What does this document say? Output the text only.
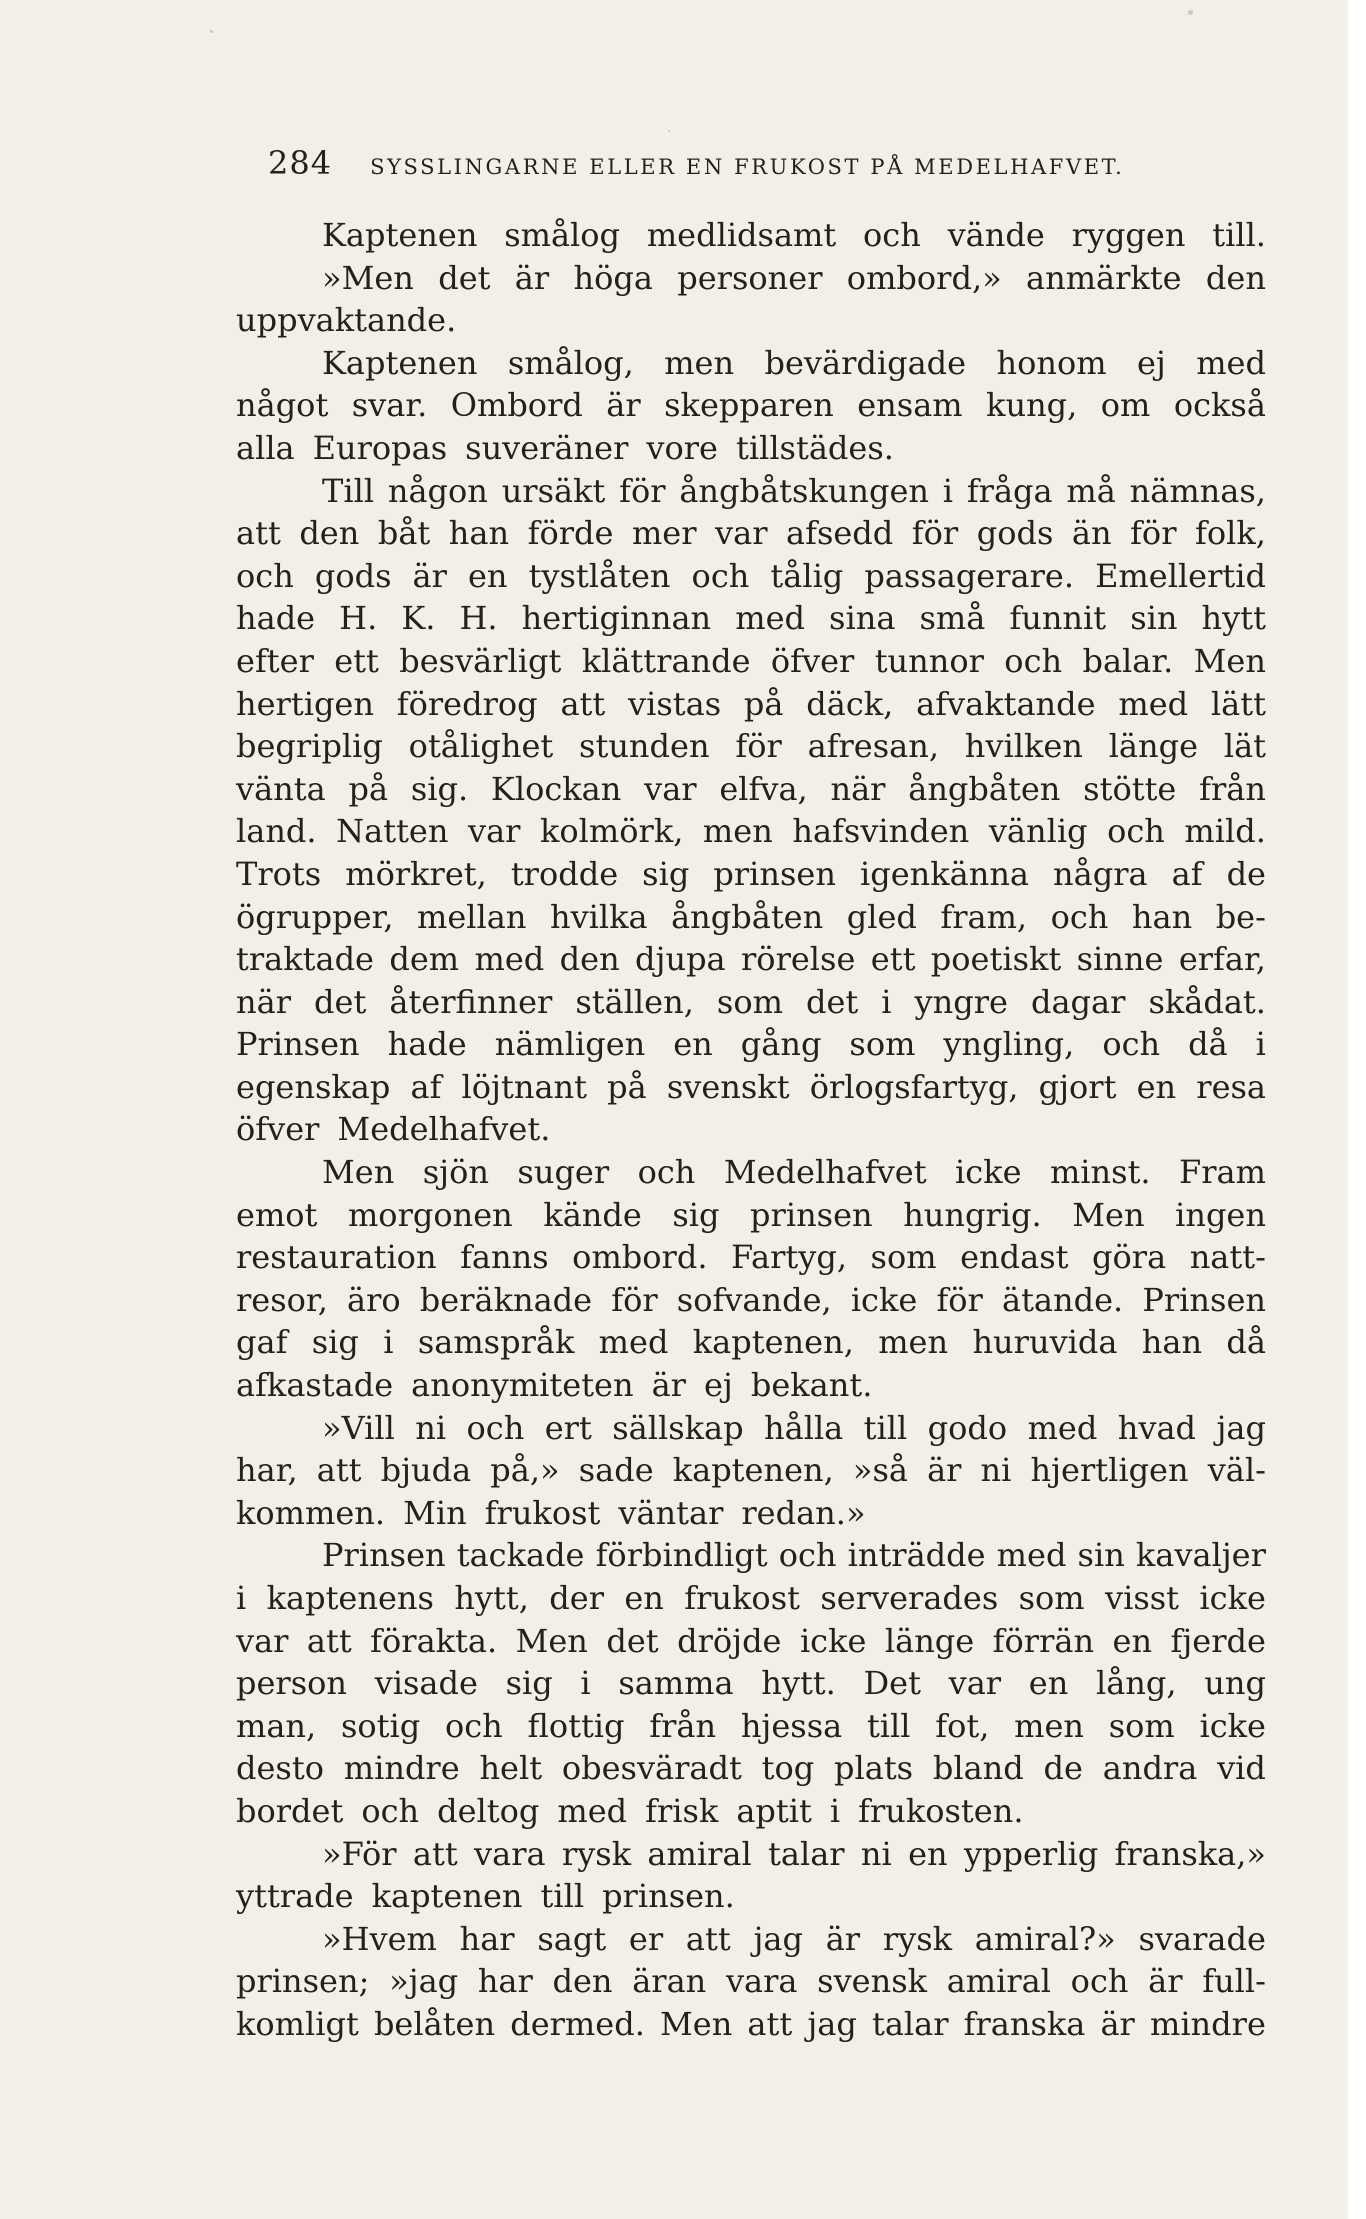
284 SYSSLINGARNE ELLER EN FRUKOST PÅ MEDELHAFVET.
Kaptenen smålog medlidsamt och vände ryggen till.
»Men det är höga personer ombord,» anmärkte den
uppvaktande.
Kaptenen smålog, men bevärdigade honom ej med
något svar. Ombord är skepparen ensam kung, om också
alla Europas suveräner vore tillstädes.
Till någon ursäkt för ångbåtskungen i fråga må nämnas,
att den båt han förde mer var afsedd för gods än för folk,
och gods är en tystlåten och tålig passagerare. Emellertid
hade H. K. H. hertiginnan med sina små funnit sin hytt
efter ett besvärligt klättrande öfver tunnor och balar. Men
hertigen föredrog att vistas på däck, afvaktande med lätt
begriplig otålighet stunden för afresan, hvilken länge lät
vänta på sig. Klockan var elfva, när ångbåten stötte från
land. Natten var kolmörk, men hafsvinden vänlig och mild.
Trots mörkret, trodde sig prinsen igenkänna några af de
ögrupper, mellan hvilka ångbåten gled fram, och han be-
traktade dem med den djupa rörelse ett poetiskt sinne erfar,
när det återfinner ställen, som det i yngre dagar skådat.
Prinsen hade nämligen en gång som yngling, och då i
egenskap af löjtnant på svenskt örlogsfartyg, gjort en resa
öfver Medelhafvet.
Men sjön suger och Medelhafvet icke minst. Fram
emot morgonen kände sig prinsen hungrig. Men ingen
restauration fanns ombord. Fartyg, som endast göra natt-
resor, äro beräknade för sofvande, icke för ätande. Prinsen
gaf sig i samspråk med kaptenen, men huruvida han då
afkastade anonymiteten är ej bekant.
»Vill ni och ert sällskap hålla till godo med hvad jag
har, att bjuda på,» sade kaptenen, »så är ni hjertligen väl-
kommen. Min frukost väntar redan.»
Prinsen tackade förbindligt och inträdde med sin kavaljer
i kaptenens hytt, der en frukost serverades som visst icke
var att förakta. Men det dröjde icke länge förrän en fjerde
person visade sig i samma hytt. Det var en lång, ung
man, sotig och flottig från hjessa till fot, men som icke
desto mindre helt obesväradt tog plats bland de andra vid
bordet och deltog med frisk aptit i frukosten.
»För att vara rysk amiral talar ni en ypperlig franska,»
yttrade kaptenen till prinsen.
»Hvem har sagt er att jag är rysk amiral?» svarade
prinsen; »jag har den äran vara svensk amiral och är full-
komligt belåten dermed. Men att jag talar franska är mindre
